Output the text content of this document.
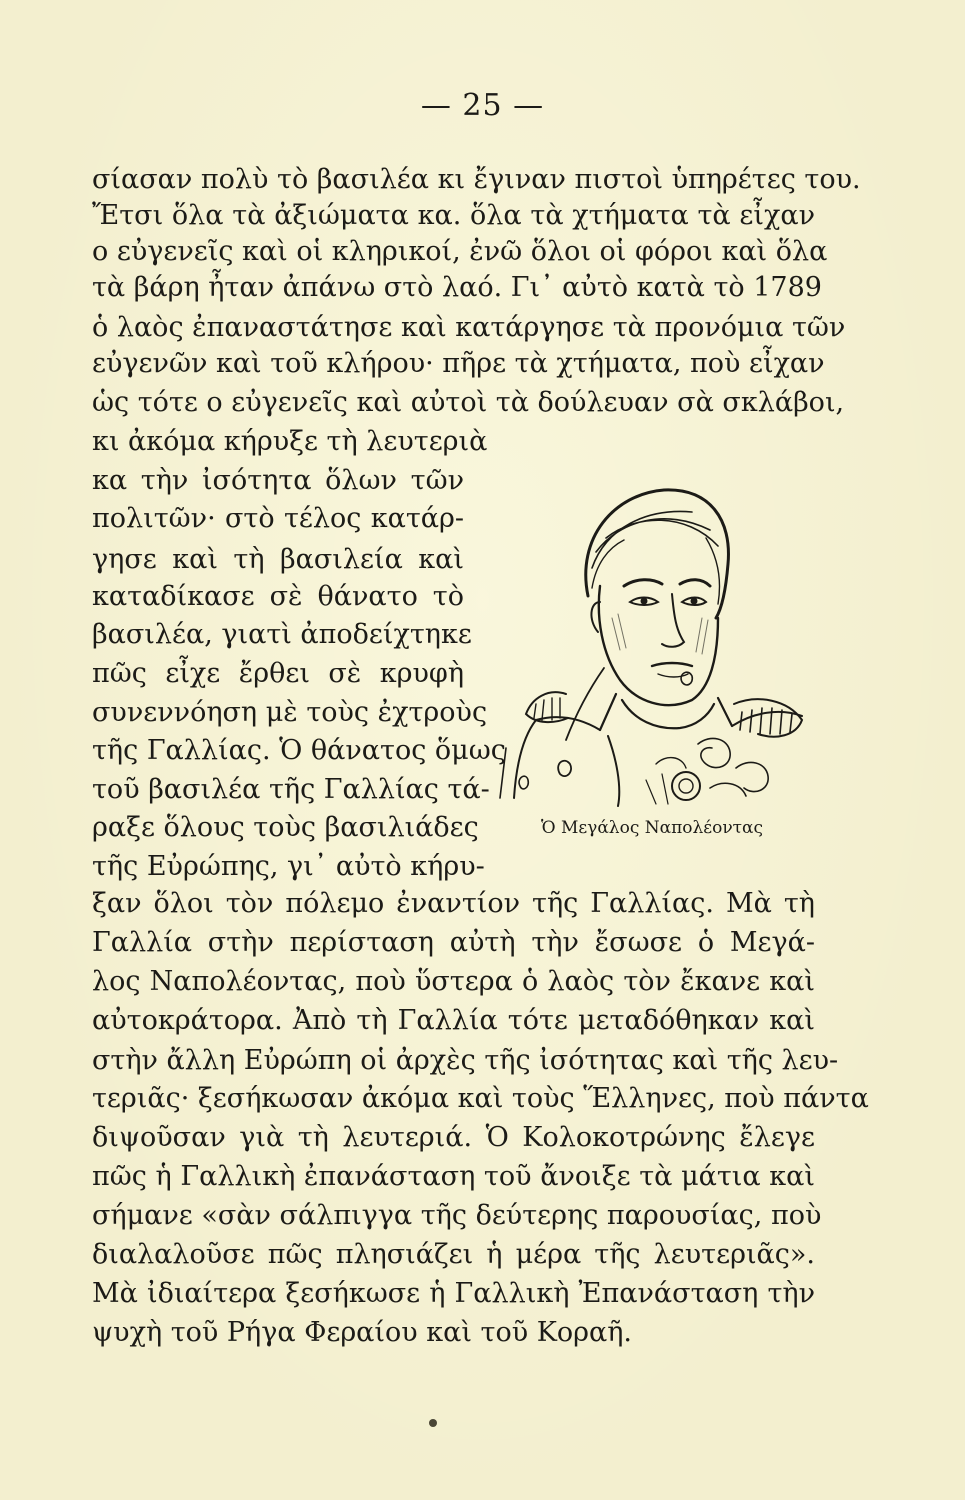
— 25 —
σίασαν πολὺ τὸ βασιλέα κι ἔγιναν πιστοὶ ὑπηρέτες του.
Ἔτσι ὅλα τὰ ἀξιώματα κα. ὅλα τὰ χτήματα τὰ εἶχαν
ο εὐγενεῖς καὶ οἱ κληρικοί, ἐνῶ ὅλοι οἱ φόροι καὶ ὅλα
τὰ βάρη ἦταν ἀπάνω στὸ λαό. Γι᾿ αὐτὸ κατὰ τὸ 1789
ὁ λαὸς ἐπαναστάτησε καὶ κατάργησε τὰ προνόμια τῶν
εὐγενῶν καὶ τοῦ κλήρου· πῆρε τὰ χτήματα, ποὺ εἶχαν
ὡς τότε ο εὐγενεῖς καὶ αὐτοὶ τὰ δούλευαν σὰ σκλάβοι,
κι ἀκόμα κήρυξε τὴ λευτεριὰ
κα τὴν ἰσότητα ὅλων τῶν
πολιτῶν· στὸ τέλος κατάρ-
γησε καὶ τὴ βασιλεία καὶ
καταδίκασε σὲ θάνατο τὸ
βασιλέα, γιατὶ ἀποδείχτηκε
πῶς εἶχε ἔρθει σὲ κρυφὴ
συνεννόηση μὲ τοὺς ἐχτροὺς
τῆς Γαλλίας. Ὁ θάνατος ὅμως
τοῦ βασιλέα τῆς Γαλλίας τά-
ραξε ὅλους τοὺς βασιλιάδες
τῆς Εὐρώπης, γι᾿ αὐτὸ κήρυ-
ξαν ὅλοι τὸν πόλεμο ἐναντίον τῆς Γαλλίας. Μὰ τὴ
Γαλλία στὴν περίσταση αὐτὴ τὴν ἔσωσε ὁ Μεγά-
λος Ναπολέοντας, ποὺ ὕστερα ὁ λαὸς τὸν ἔκανε καὶ
αὐτοκράτορα. Ἀπὸ τὴ Γαλλία τότε μεταδόθηκαν καὶ
στὴν ἄλλη Εὐρώπη οἱ ἀρχὲς τῆς ἰσότητας καὶ τῆς λευ-
τεριᾶς· ξεσήκωσαν ἀκόμα καὶ τοὺς Ἕλληνες, ποὺ πάντα
διψοῦσαν γιὰ τὴ λευτεριά. Ὁ Κολοκοτρώνης ἔλεγε
πῶς ἡ Γαλλικὴ ἐπανάσταση τοῦ ἄνοιξε τὰ μάτια καὶ
σήμανε «σὰν σάλπιγγα τῆς δεύτερης παρουσίας, ποὺ
διαλαλοῦσε πῶς πλησιάζει ἡ μέρα τῆς λευτεριᾶς».
Μὰ ἰδιαίτερα ξεσήκωσε ἡ Γαλλικὴ Ἐπανάσταση τὴν
ψυχὴ τοῦ Ρήγα Φεραίου καὶ τοῦ Κοραῆ.
Ὁ Μεγάλος Ναπολέοντας
